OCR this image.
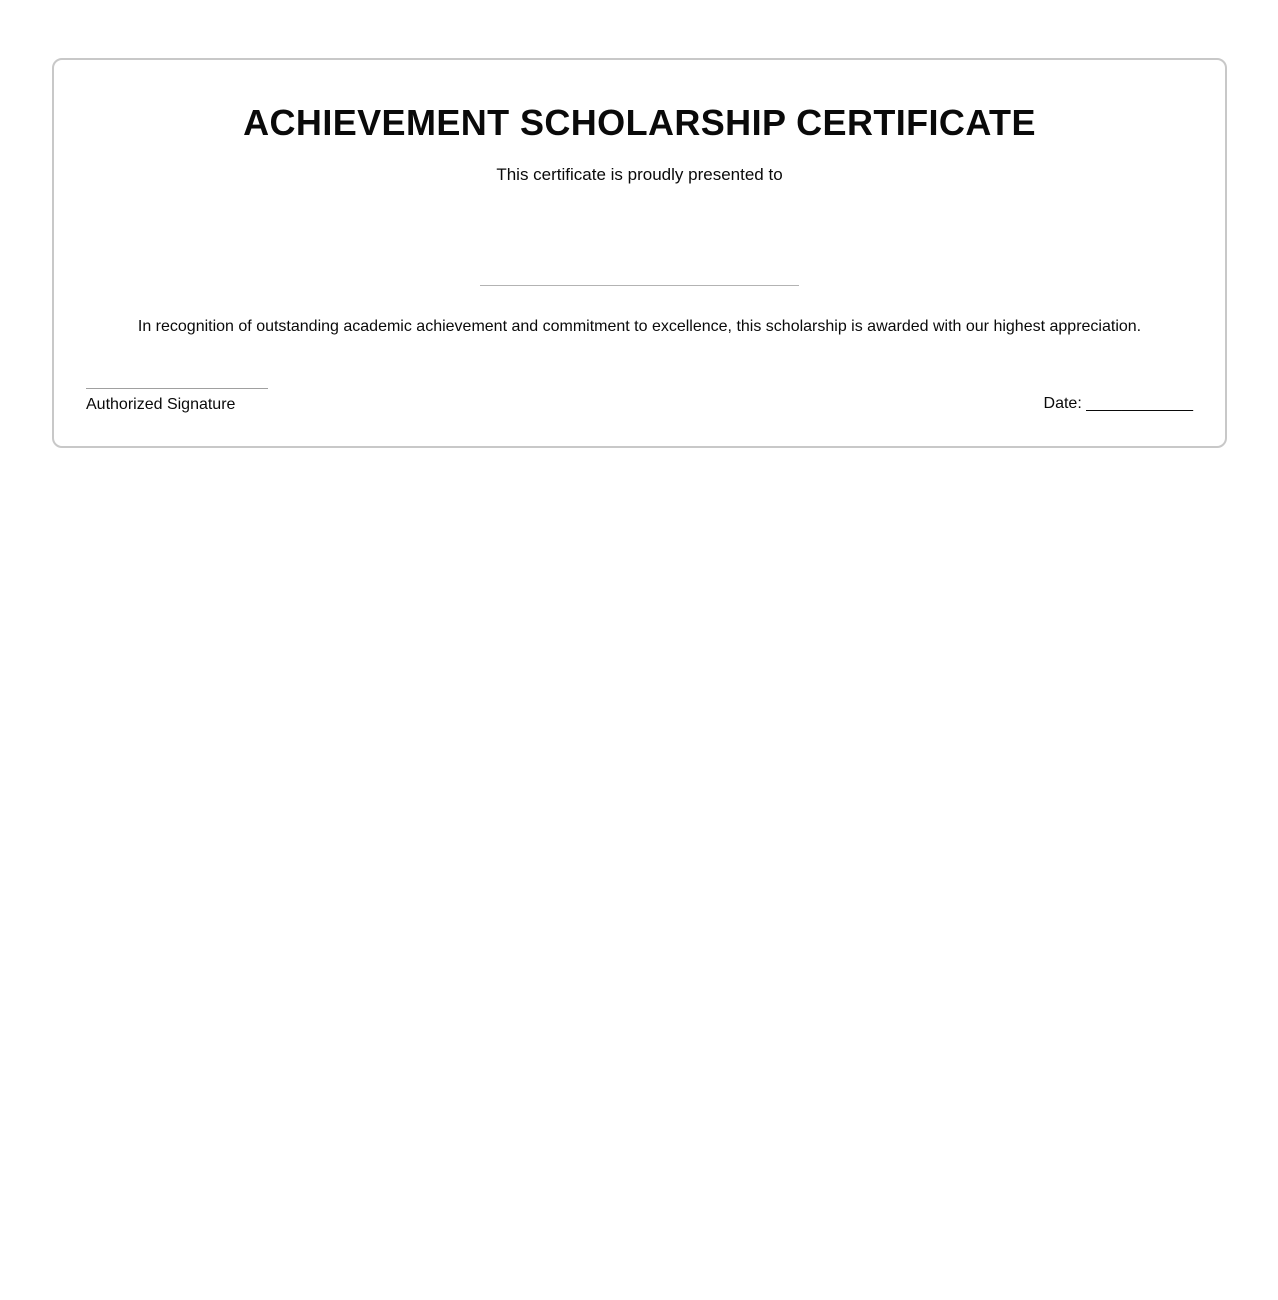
ACHIEVEMENT SCHOLARSHIP CERTIFICATE

This certificate is proudly presented to

In recognition of outstanding academic achievement and commitment to excellence, this scholarship is awarded with our highest appreciation.

Authorized Signature	Date: ____________
